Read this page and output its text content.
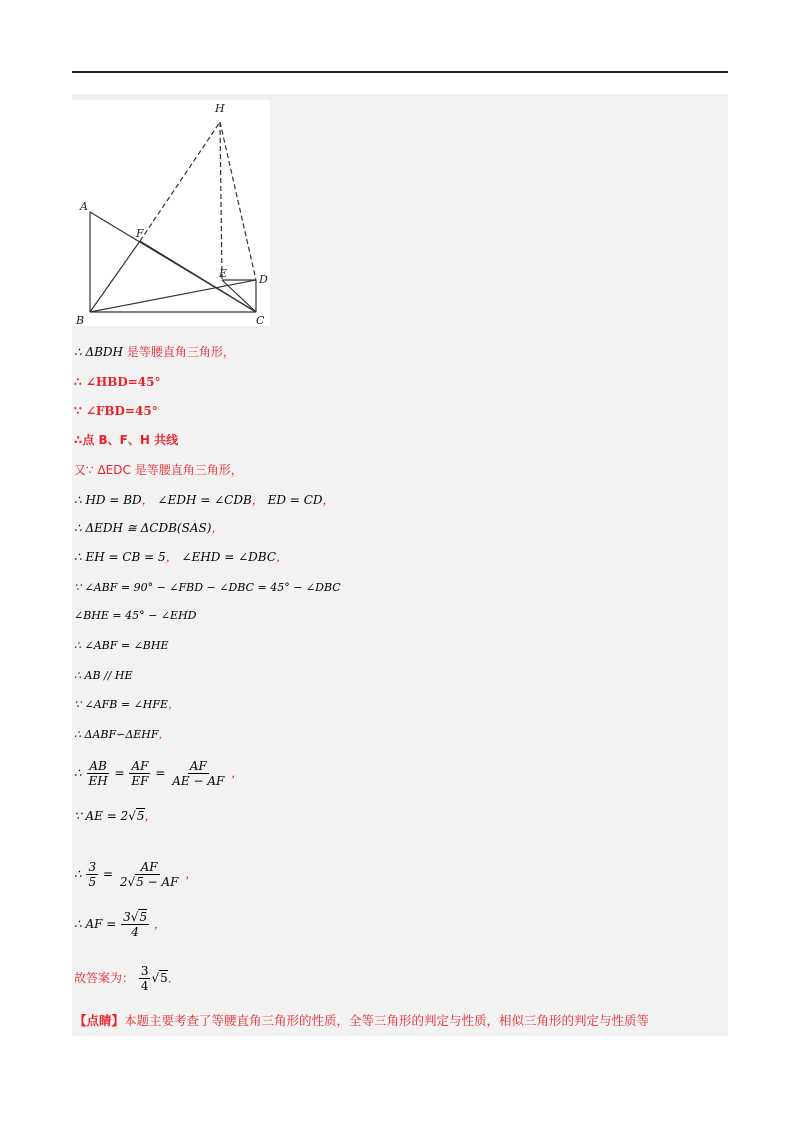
H
A
F
E	D
B	C
∴ ΔBDH 是等腰直角三角形，
∴ ∠HBD=45°
∵ ∠FBD=45°
∴点 B、F、H 共线
又∵ ΔEDC 是等腰直角三角形，
∴ HD = BD， ∠EDH = ∠CDB， ED = CD，
∴ ΔEDH ≅ ΔCDB(SAS)，
∴ EH = CB = 5， ∠EHD = ∠DBC，
∵ ∠ABF = 90° − ∠FBD − ∠DBC = 45° − ∠DBC
∠BHE = 45° − ∠EHD
∴ ∠ABF = ∠BHE
∴ AB // HE
∵ ∠AFB = ∠HFE，
∴ ΔABF∽ΔEHF，
∴ $\frac{AB}{EH} = \frac{AF}{EF} = \frac{AF}{AE - AF}$ ，
∵ AE = 2√5，
∴ $\frac{3}{5} = \frac{AF}{2√5 - AF}$ ，
∴ AF = $\frac{3√5}{4}$ ，
故答案为： $\frac{3}{4} √5$．
【点睛】本题主要考查了等腰直角三角形的性质，全等三角形的判定与性质，相似三角形的判定与性质等
